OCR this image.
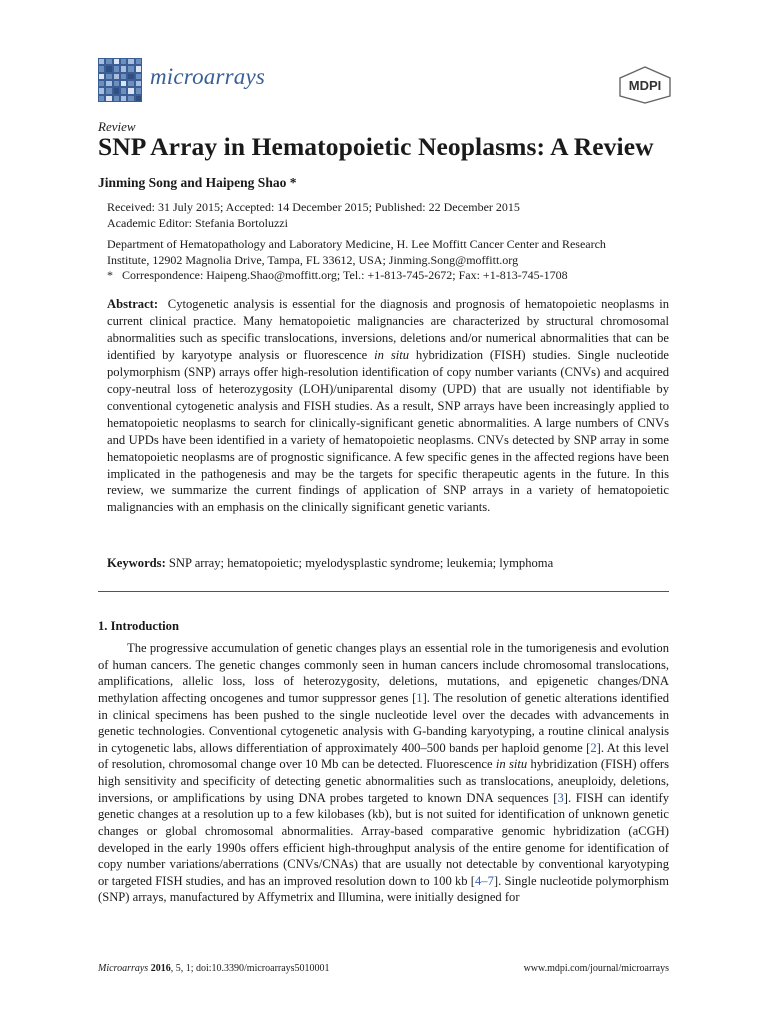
microarrays	MDPI
Review
SNP Array in Hematopoietic Neoplasms: A Review
Jinming Song and Haipeng Shao *
Received: 31 July 2015; Accepted: 14 December 2015; Published: 22 December 2015
Academic Editor: Stefania Bortoluzzi
Department of Hematopathology and Laboratory Medicine, H. Lee Moffitt Cancer Center and Research
Institute, 12902 Magnolia Drive, Tampa, FL 33612, USA; Jinming.Song@moffitt.org
* Correspondence: Haipeng.Shao@moffitt.org; Tel.: +1-813-745-2672; Fax: +1-813-745-1708
Abstract: Cytogenetic analysis is essential for the diagnosis and prognosis of hematopoietic neoplasms in current clinical practice. Many hematopoietic malignancies are characterized by structural chromosomal abnormalities such as specific translocations, inversions, deletions and/or numerical abnormalities that can be identified by karyotype analysis or fluorescence in situ hybridization (FISH) studies. Single nucleotide polymorphism (SNP) arrays offer high-resolution identification of copy number variants (CNVs) and acquired copy-neutral loss of heterozygosity (LOH)/uniparental disomy (UPD) that are usually not identifiable by conventional cytogenetic analysis and FISH studies. As a result, SNP arrays have been increasingly applied to hematopoietic neoplasms to search for clinically-significant genetic abnormalities. A large numbers of CNVs and UPDs have been identified in a variety of hematopoietic neoplasms. CNVs detected by SNP array in some hematopoietic neoplasms are of prognostic significance. A few specific genes in the affected regions have been implicated in the pathogenesis and may be the targets for specific therapeutic agents in the future. In this review, we summarize the current findings of application of SNP arrays in a variety of hematopoietic malignancies with an emphasis on the clinically significant genetic variants.
Keywords: SNP array; hematopoietic; myelodysplastic syndrome; leukemia; lymphoma
1. Introduction
The progressive accumulation of genetic changes plays an essential role in the tumorigenesis and evolution of human cancers. The genetic changes commonly seen in human cancers include chromosomal translocations, amplifications, allelic loss, loss of heterozygosity, deletions, mutations, and epigenetic changes/DNA methylation affecting oncogenes and tumor suppressor genes [1]. The resolution of genetic alterations identified in clinical specimens has been pushed to the single nucleotide level over the decades with advancements in genetic technologies. Conventional cytogenetic analysis with G-banding karyotyping, a routine clinical analysis in cytogenetic labs, allows differentiation of approximately 400–500 bands per haploid genome [2]. At this level of resolution, chromosomal change over 10 Mb can be detected. Fluorescence in situ hybridization (FISH) offers high sensitivity and specificity of detecting genetic abnormalities such as translocations, aneuploidy, deletions, inversions, or amplifications by using DNA probes targeted to known DNA sequences [3]. FISH can identify genetic changes at a resolution up to a few kilobases (kb), but is not suited for identification of unknown genetic changes or global chromosomal abnormalities. Array-based comparative genomic hybridization (aCGH) developed in the early 1990s offers efficient high-throughput analysis of the entire genome for identification of copy number variations/aberrations (CNVs/CNAs) that are usually not detectable by conventional karyotyping or targeted FISH studies, and has an improved resolution down to 100 kb [4–7]. Single nucleotide polymorphism (SNP) arrays, manufactured by Affymetrix and Illumina, were initially designed for
Microarrays 2016, 5, 1; doi:10.3390/microarrays5010001	www.mdpi.com/journal/microarrays
